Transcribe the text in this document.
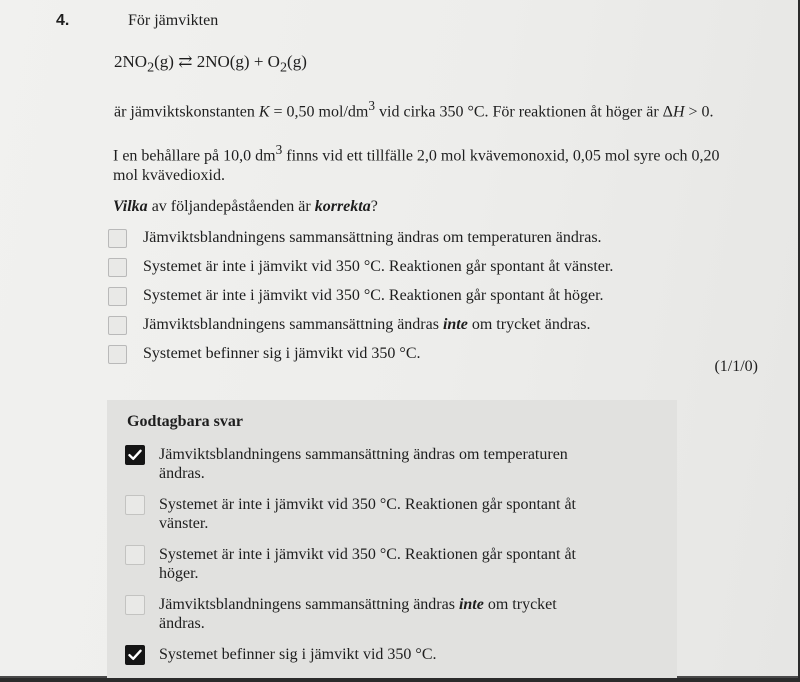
4.	För jämvikten
$2NO_2(g)$ ⇄ $2NO(g) + O_2(g)$
är jämviktskonstanten K = 0,50 mol/$dm^3$ vid cirka 350 °C. För reaktionen åt höger är ΔH > 0.
I en behållare på 10,0 $dm^3$ finns vid ett tillfälle 2,0 mol kvävemonoxid, 0,05 mol syre och 0,20 mol kvävedioxid.
Vilka av följandepåståenden är korrekta?
Jämviktsblandningens sammansättning ändras om temperaturen ändras.
Systemet är inte i jämvikt vid 350 °C. Reaktionen går spontant åt vänster.
Systemet är inte i jämvikt vid 350 °C. Reaktionen går spontant åt höger.
Jämviktsblandningens sammansättning ändras inte om trycket ändras.
Systemet befinner sig i jämvikt vid 350 °C.
(1/1/0)
Godtagbara svar
Jämviktsblandningens sammansättning ändras om temperaturen ändras.
Systemet är inte i jämvikt vid 350 °C. Reaktionen går spontant åt vänster.
Systemet är inte i jämvikt vid 350 °C. Reaktionen går spontant åt höger.
Jämviktsblandningens sammansättning ändras inte om trycket ändras.
Systemet befinner sig i jämvikt vid 350 °C.
